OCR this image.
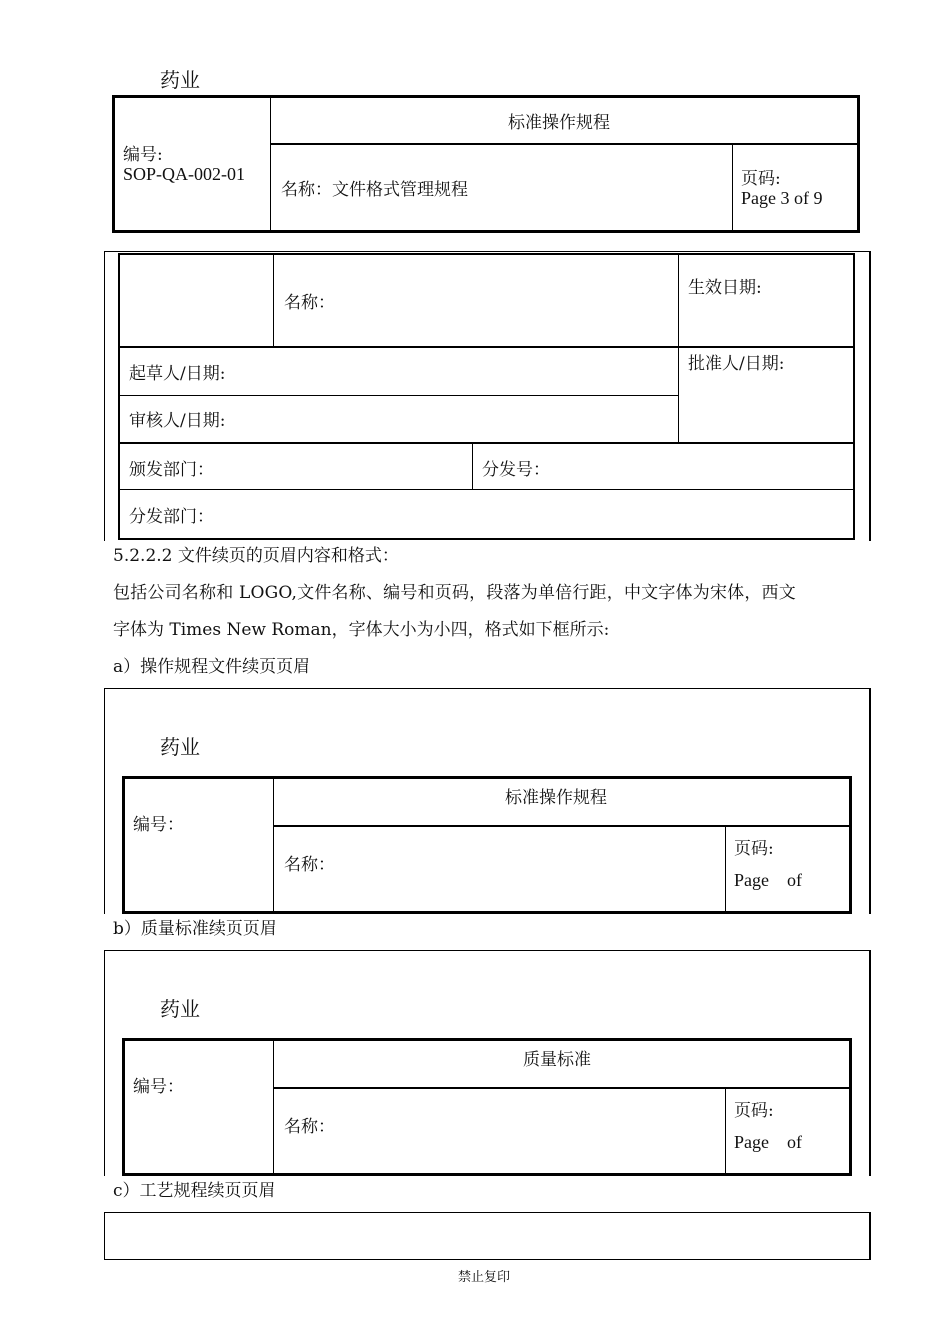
药业
编号:
SOP-QA-002-01
标准操作规程
名称：文件格式管理规程
页码:
Page 3 of 9
名称：
生效日期:
起草人/日期:	批准人/日期:
审核人/日期:
颁发部门：	分发号：
分发部门：
5.2.2.2 文件续页的页眉内容和格式：
包括公司名称和 LOGO,文件名称、编号和页码，段落为单倍行距，中文字体为宋体，西文
字体为 Times New Roman，字体大小为小四，格式如下框所示:
a）操作规程文件续页页眉
药业
编号：
标准操作规程
名称：
页码:
Page    of
b）质量标准续页页眉
药业
编号：
质量标准
名称：
页码:
Page    of
c）工艺规程续页页眉
禁止复印
